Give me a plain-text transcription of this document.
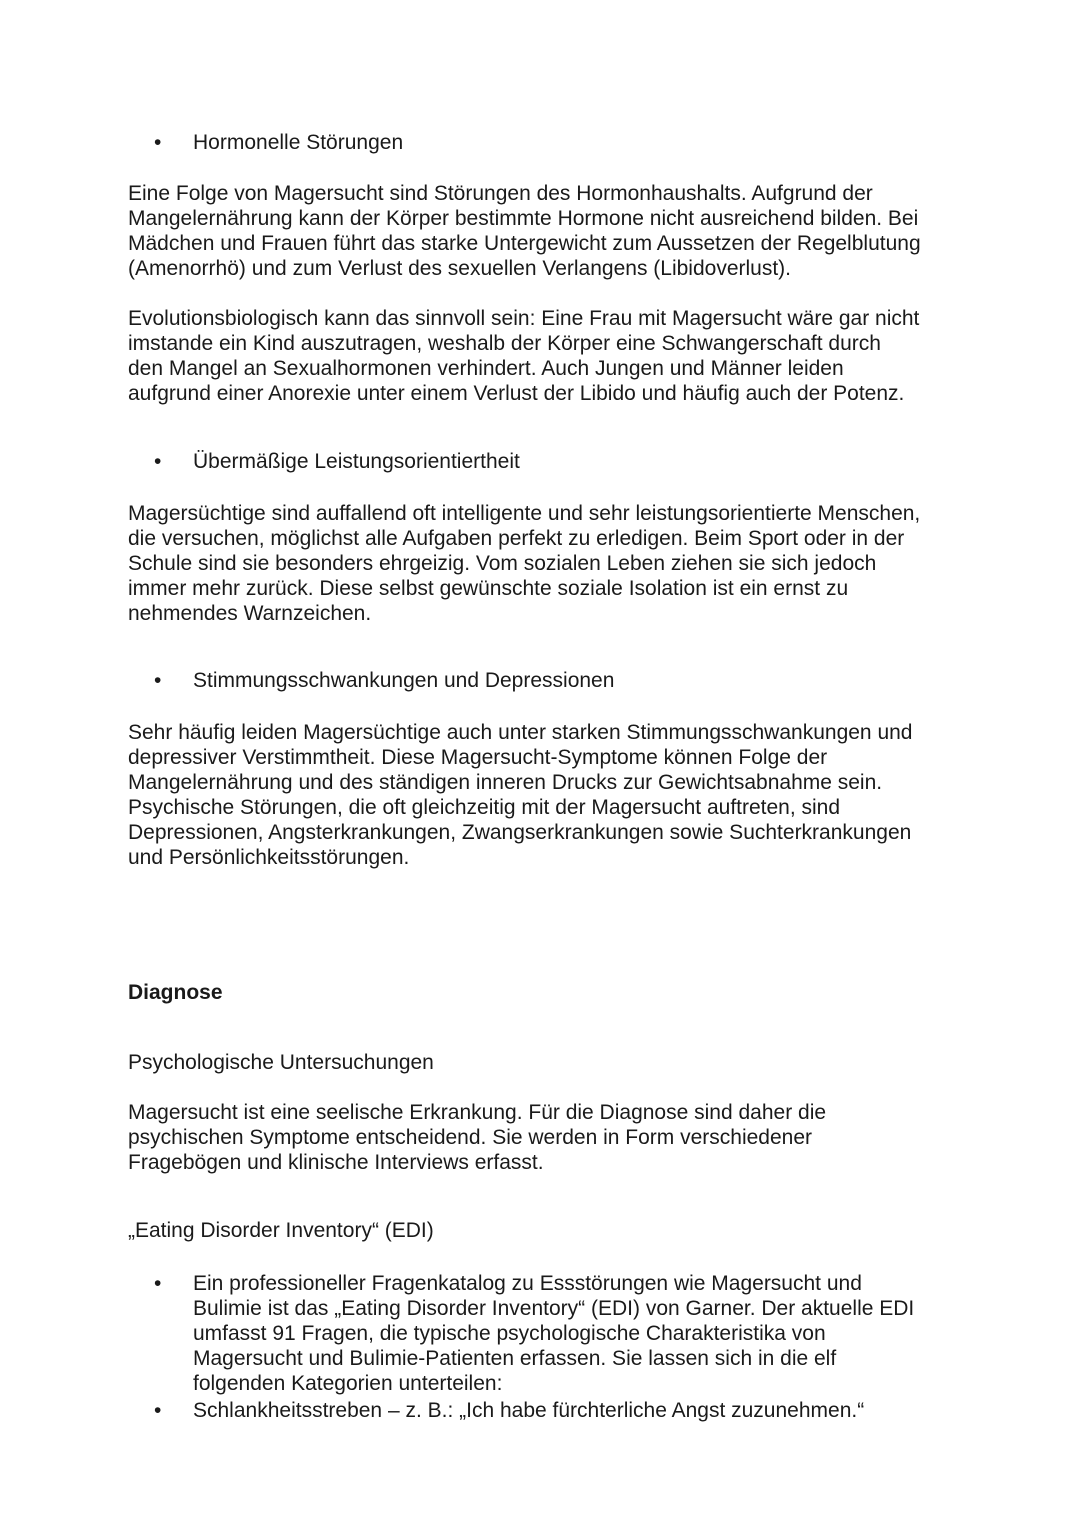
• Hormonelle Störungen
Eine Folge von Magersucht sind Störungen des Hormonhaushalts. Aufgrund der
Mangelernährung kann der Körper bestimmte Hormone nicht ausreichend bilden. Bei
Mädchen und Frauen führt das starke Untergewicht zum Aussetzen der Regelblutung
(Amenorrhö) und zum Verlust des sexuellen Verlangens (Libidoverlust).
Evolutionsbiologisch kann das sinnvoll sein: Eine Frau mit Magersucht wäre gar nicht
imstande ein Kind auszutragen, weshalb der Körper eine Schwangerschaft durch
den Mangel an Sexualhormonen verhindert. Auch Jungen und Männer leiden
aufgrund einer Anorexie unter einem Verlust der Libido und häufig auch der Potenz.
• Übermäßige Leistungsorientiertheit
Magersüchtige sind auffallend oft intelligente und sehr leistungsorientierte Menschen,
die versuchen, möglichst alle Aufgaben perfekt zu erledigen. Beim Sport oder in der
Schule sind sie besonders ehrgeizig. Vom sozialen Leben ziehen sie sich jedoch
immer mehr zurück. Diese selbst gewünschte soziale Isolation ist ein ernst zu
nehmendes Warnzeichen.
• Stimmungsschwankungen und Depressionen
Sehr häufig leiden Magersüchtige auch unter starken Stimmungsschwankungen und
depressiver Verstimmtheit. Diese Magersucht-Symptome können Folge der
Mangelernährung und des ständigen inneren Drucks zur Gewichtsabnahme sein.
Psychische Störungen, die oft gleichzeitig mit der Magersucht auftreten, sind
Depressionen, Angsterkrankungen, Zwangserkrankungen sowie Suchterkrankungen
und Persönlichkeitsstörungen.
Diagnose
Psychologische Untersuchungen
Magersucht ist eine seelische Erkrankung. Für die Diagnose sind daher die
psychischen Symptome entscheidend. Sie werden in Form verschiedener
Fragebögen und klinische Interviews erfasst.
„Eating Disorder Inventory“ (EDI)
• Ein professioneller Fragenkatalog zu Essstörungen wie Magersucht und
Bulimie ist das „Eating Disorder Inventory“ (EDI) von Garner. Der aktuelle EDI
umfasst 91 Fragen, die typische psychologische Charakteristika von
Magersucht und Bulimie-Patienten erfassen. Sie lassen sich in die elf
folgenden Kategorien unterteilen:
• Schlankheitsstreben – z. B.: „Ich habe fürchterliche Angst zuzunehmen.“
